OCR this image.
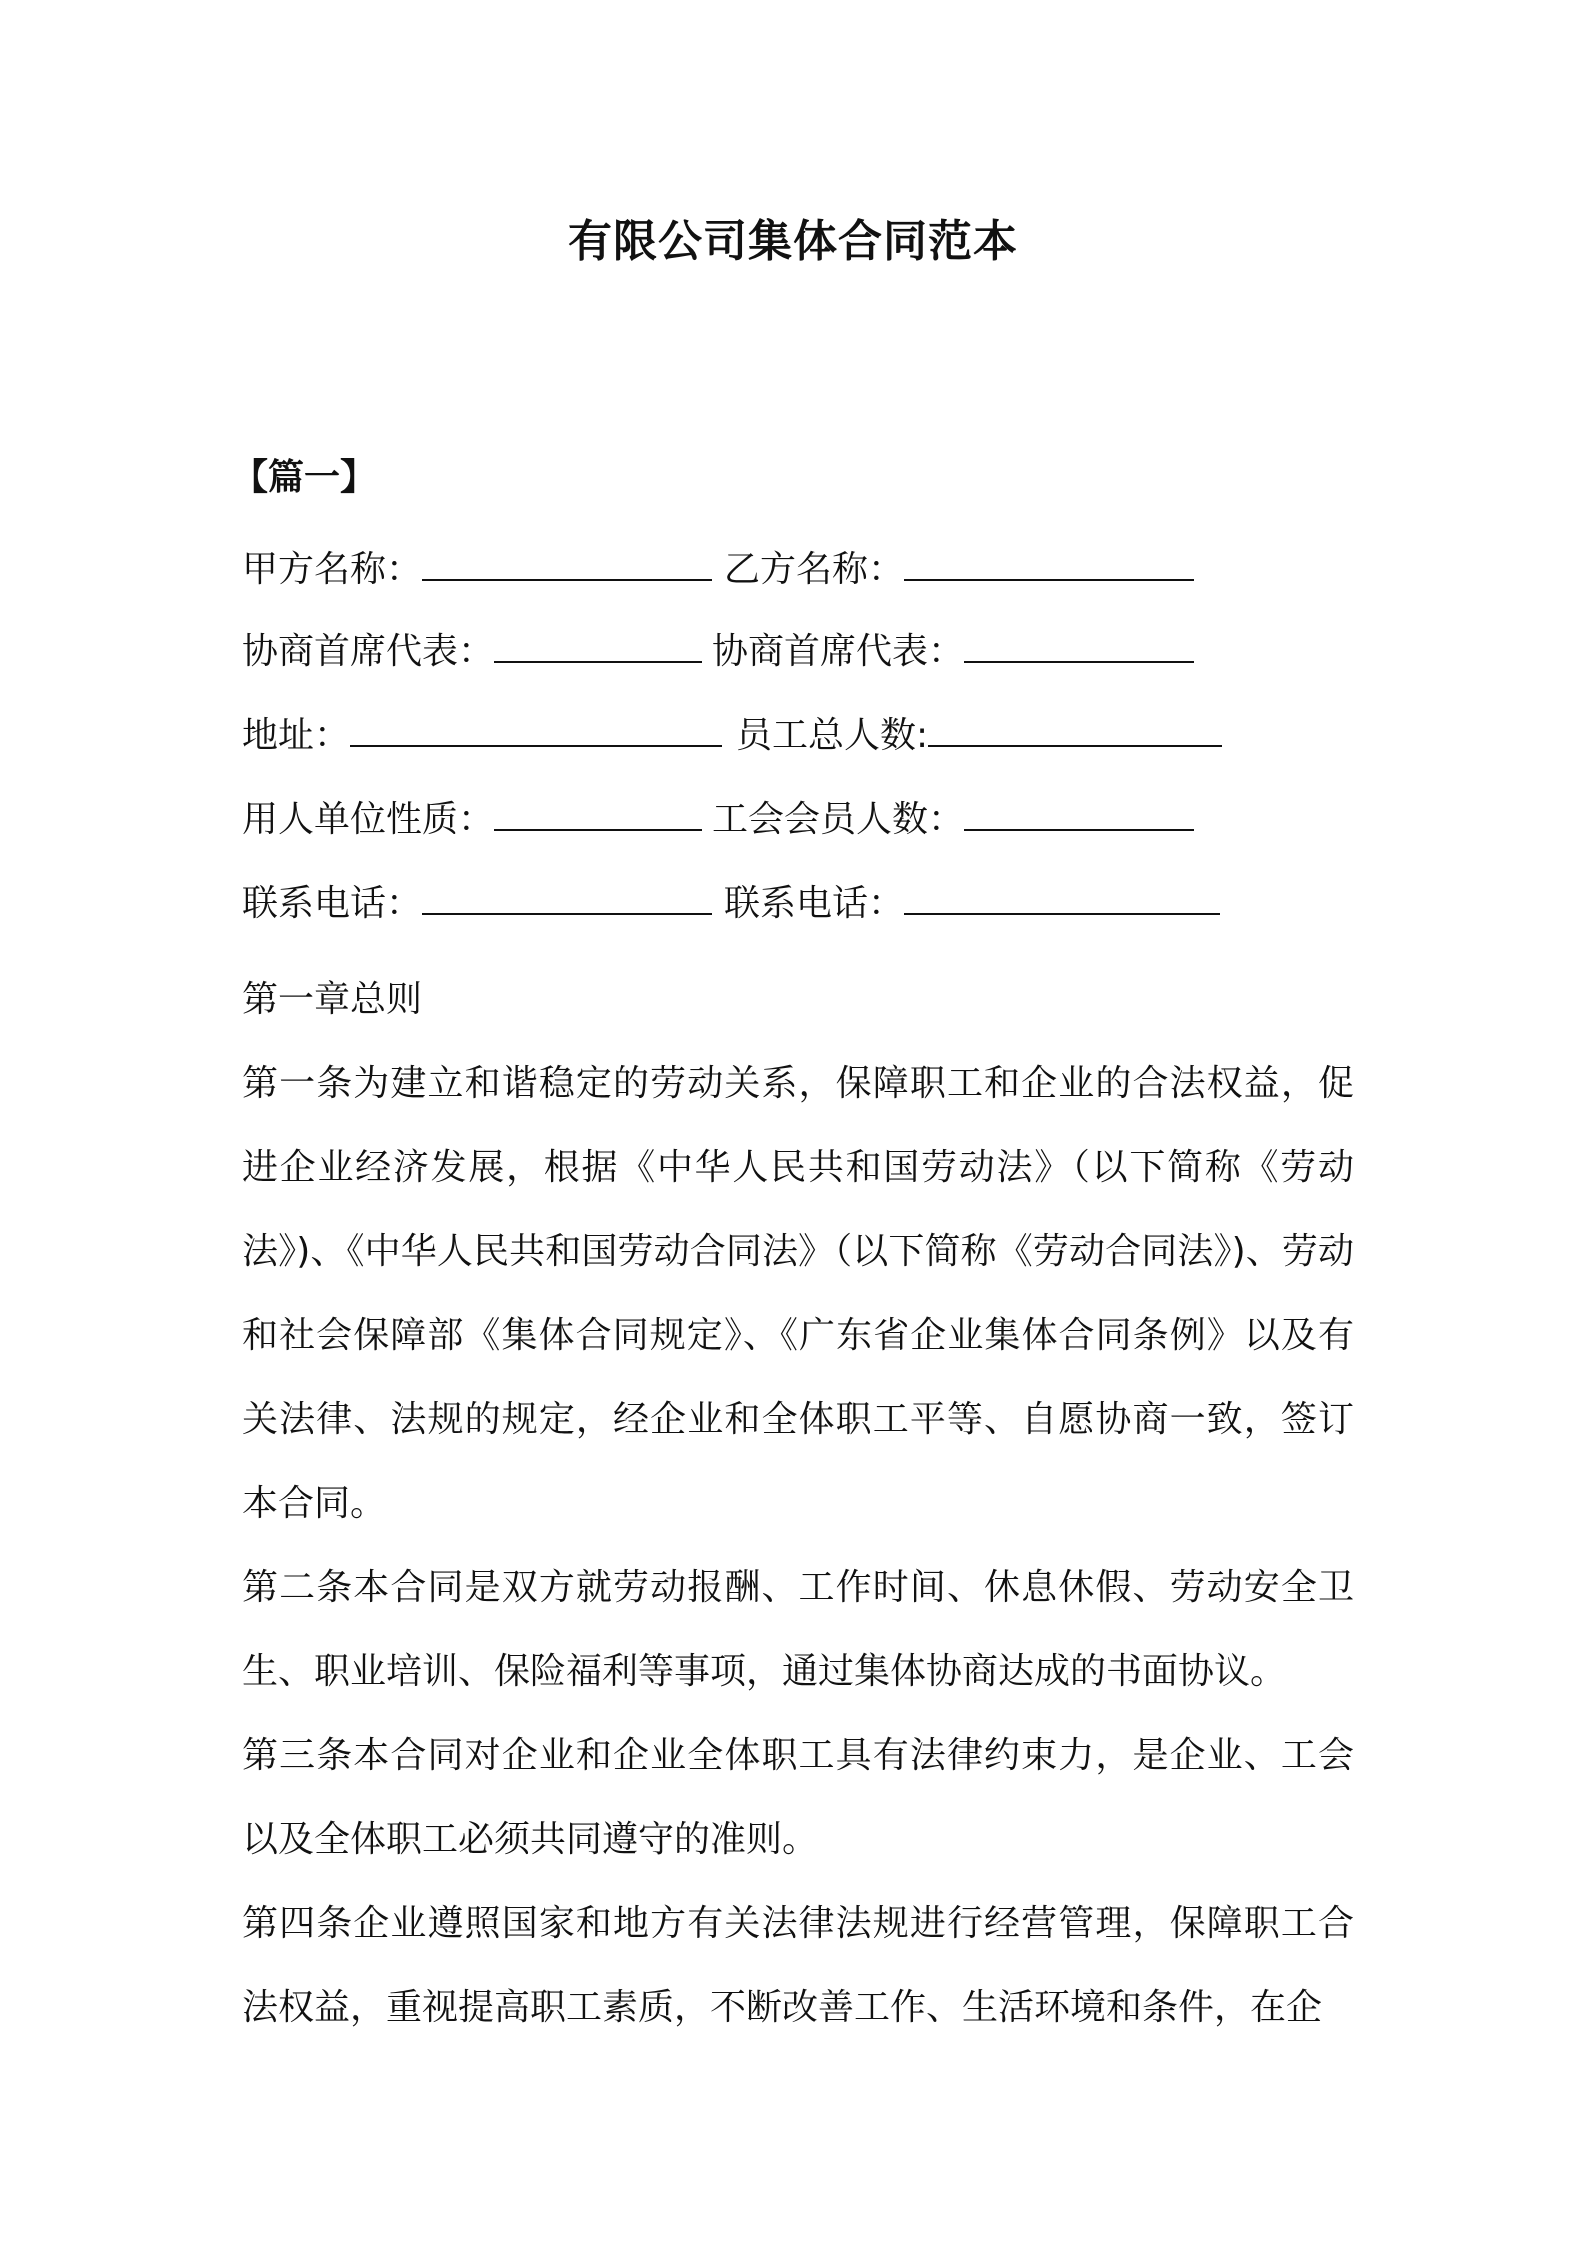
有限公司集体合同范本
【篇一】
甲方名称：	乙方名称：
协商首席代表：	协商首席代表：
地址：	员工总人数:
用人单位性质：	工会会员人数：
联系电话：	联系电话：

第一章总则

第一条为建立和谐稳定的劳动关系，保障职工和企业的合法权益，促进企业经济发展，根据《中华人民共和国劳动法》（以下简称《劳动法》)、《中华人民共和国劳动合同法》（以下简称《劳动合同法》)、劳动和社会保障部《集体合同规定》、《广东省企业集体合同条例》以及有关法律、法规的规定，经企业和全体职工平等、自愿协商一致，签订本合同。

第二条本合同是双方就劳动报酬、工作时间、休息休假、劳动安全卫生、职业培训、保险福利等事项，通过集体协商达成的书面协议。

第三条本合同对企业和企业全体职工具有法律约束力，是企业、工会以及全体职工必须共同遵守的准则。

第四条企业遵照国家和地方有关法律法规进行经营管理，保障职工合法权益，重视提高职工素质，不断改善工作、生活环境和条件，在企
